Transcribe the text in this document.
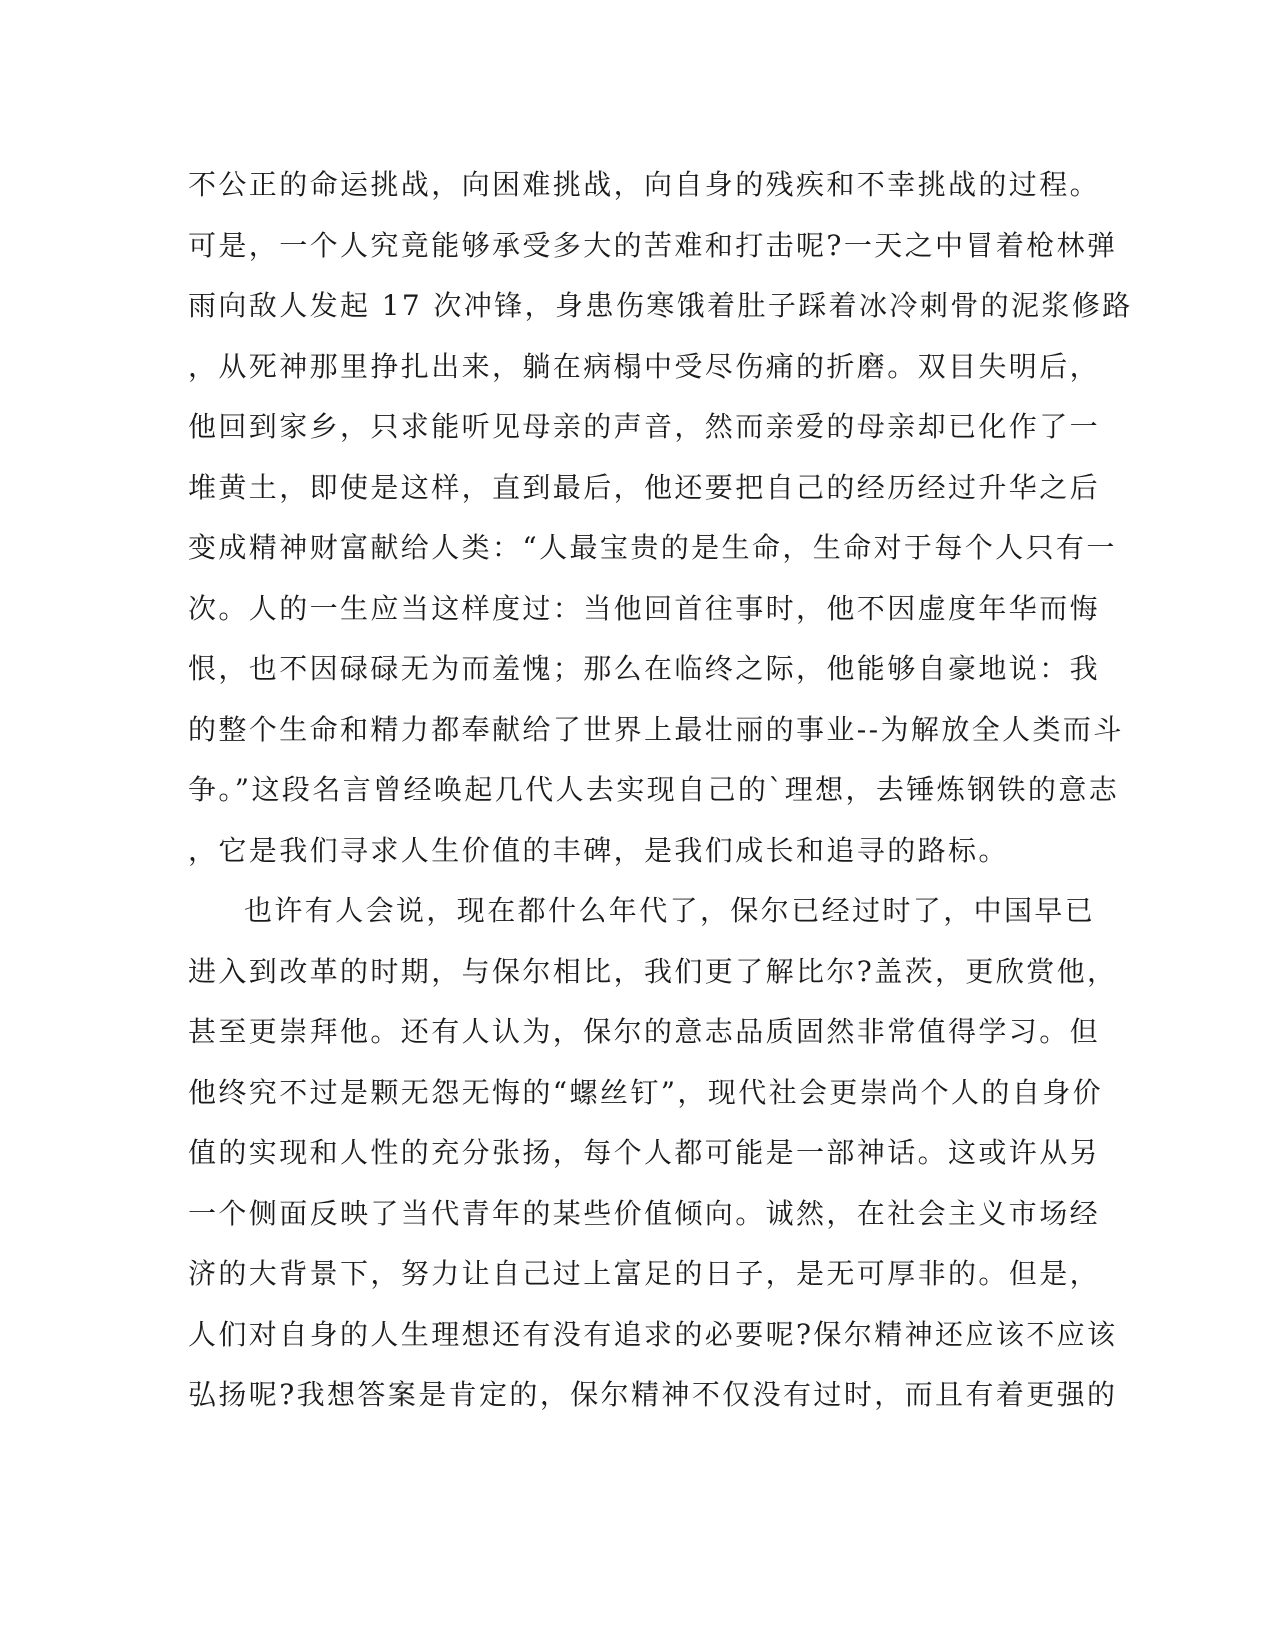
不公正的命运挑战，向困难挑战，向自身的残疾和不幸挑战的过程。
可是，一个人究竟能够承受多大的苦难和打击呢?一天之中冒着枪林弹
雨向敌人发起 17 次冲锋，身患伤寒饿着肚子踩着冰冷刺骨的泥浆修路
，从死神那里挣扎出来，躺在病榻中受尽伤痛的折磨。双目失明后，
他回到家乡，只求能听见母亲的声音，然而亲爱的母亲却已化作了一
堆黄土，即使是这样，直到最后，他还要把自己的经历经过升华之后
变成精神财富献给人类：“人最宝贵的是生命，生命对于每个人只有一
次。人的一生应当这样度过：当他回首往事时，他不因虚度年华而悔
恨，也不因碌碌无为而羞愧；那么在临终之际，他能够自豪地说：我
的整个生命和精力都奉献给了世界上最壮丽的事业--为解放全人类而斗
争。”这段名言曾经唤起几代人去实现自己的`理想，去锤炼钢铁的意志
，它是我们寻求人生价值的丰碑，是我们成长和追寻的路标。
也许有人会说，现在都什么年代了，保尔已经过时了，中国早已
进入到改革的时期，与保尔相比，我们更了解比尔?盖茨，更欣赏他，
甚至更崇拜他。还有人认为，保尔的意志品质固然非常值得学习。但
他终究不过是颗无怨无悔的“螺丝钉”，现代社会更崇尚个人的自身价
值的实现和人性的充分张扬，每个人都可能是一部神话。这或许从另
一个侧面反映了当代青年的某些价值倾向。诚然，在社会主义市场经
济的大背景下，努力让自己过上富足的日子，是无可厚非的。但是，
人们对自身的人生理想还有没有追求的必要呢?保尔精神还应该不应该
弘扬呢?我想答案是肯定的，保尔精神不仅没有过时，而且有着更强的
